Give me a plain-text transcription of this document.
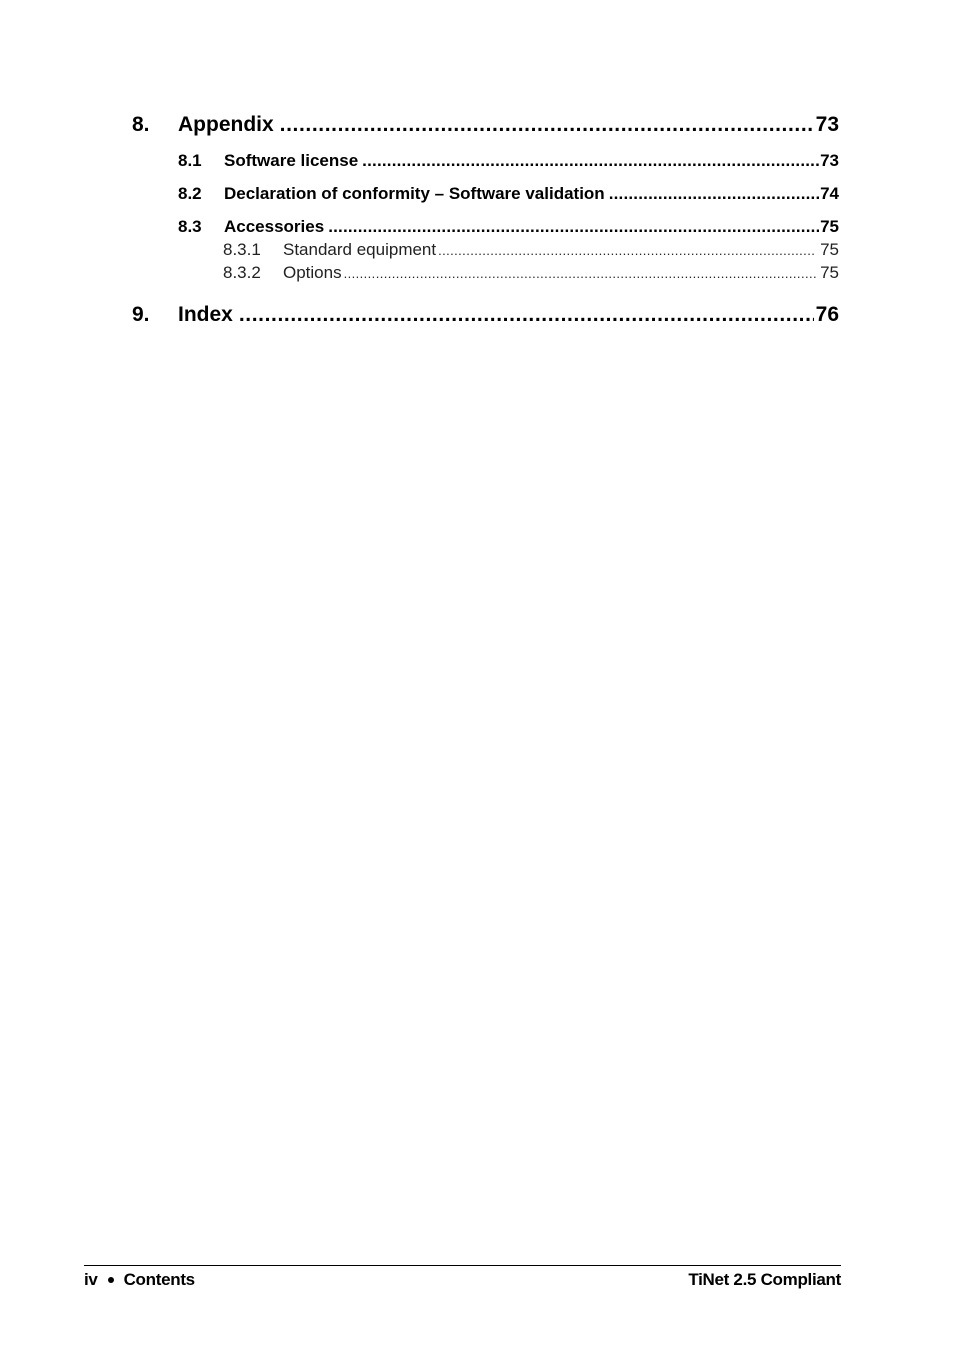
8.	Appendix .....	73
8.1	Software license .....	73
8.2	Declaration of conformity – Software validation .....	74
8.3	Accessories .....	75
8.3.1	Standard equipment .....	75
8.3.2	Options .....	75
9.	Index .....	76
iv Contents	TiNet 2.5 Compliant
